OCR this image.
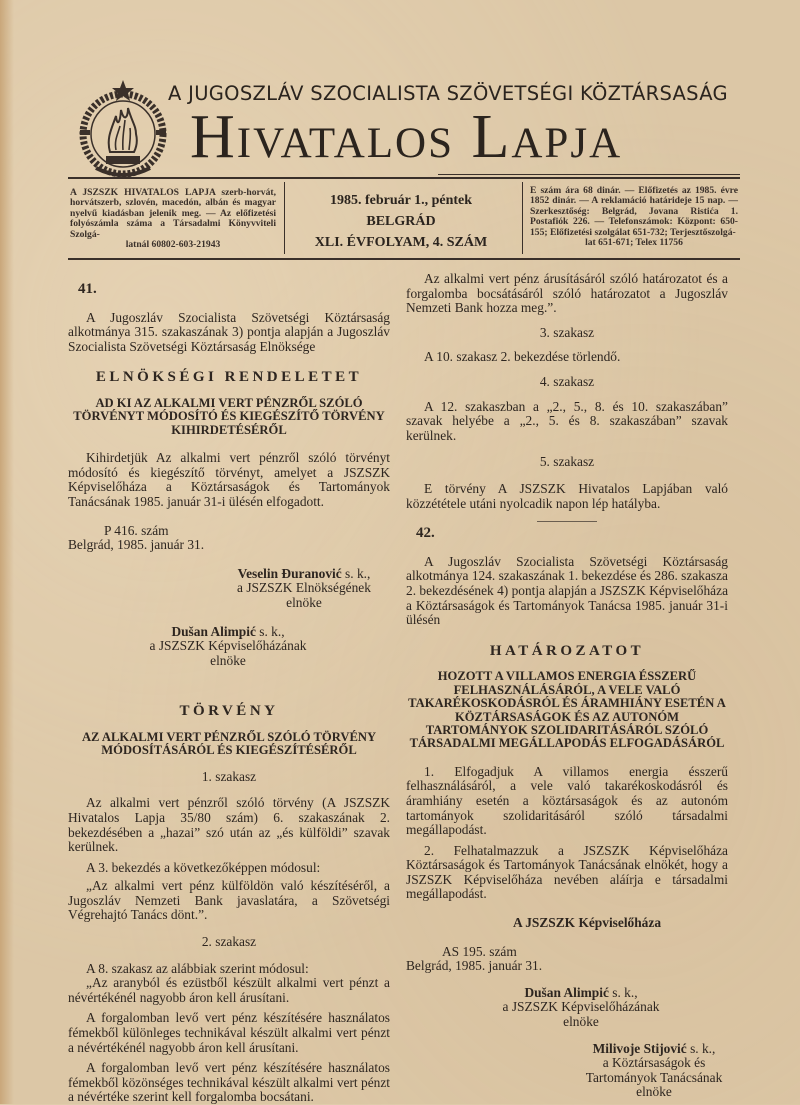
A JUGOSZLÁV SZOCIALISTA SZÖVETSÉGI KÖZTÁRSASÁG
Hivatalos Lapja
A JSZSZK HIVATALOS LAPJA szerb-horvát, horvátszerb, szlovén, macedón, albán és magyar nyelvű kiadásban jelenik meg. — Az előfizetési folyószámla száma a Társadalmi Könyvviteli Szolgá-
latnál 60802-603-21943
1985. február 1., péntek
BELGRÁD
XLI. ÉVFOLYAM, 4. SZÁM
E szám ára 68 dinár. — Előfizetés az 1985. évre 1852 dinár. — A reklamáció határideje 15 nap. — Szerkesztőség: Belgrád, Jovana Ristića 1. Postafiók 226. — Telefonszámok: Központ: 650-155; Előfizetési szolgálat 651-732; Terjesztőszolgá-
lat 651-671; Telex 11756
41.

A Jugoszláv Szocialista Szövetségi Köztársaság alkotmánya 315. szakaszának 3) pontja alapján a Jugoszláv Szocialista Szövetségi Köztársaság Elnöksége

ELNÖKSÉGI RENDELETET
AD KI AZ ALKALMI VERT PÉNZRŐL SZÓLÓ TÖRVÉNYT MÓDOSÍTÓ ÉS KIEGÉSZÍTŐ TÖRVÉNY KIHIRDETÉSÉRŐL

Kihirdetjük Az alkalmi vert pénzről szóló törvényt módosító és kiegészítő törvényt, amelyet a JSZSZK Képviselőháza a Köztársaságok és Tartományok Tanácsának 1985. január 31-i ülésén elfogadott.

P 416. szám
Belgrád, 1985. január 31.
Veselin Đuranović s. k.,
a JSZSZK Elnökségének
elnöke
Dušan Alimpić s. k.,
a JSZSZK Képviselőházának
elnöke
TÖRVÉNY
AZ ALKALMI VERT PÉNZRŐL SZÓLÓ TÖRVÉNY MÓDOSÍTÁSÁRÓL ÉS KIEGÉSZÍTÉSÉRŐL
1. szakasz

Az alkalmi vert pénzről szóló törvény (A JSZSZK Hivatalos Lapja 35/80 szám) 6. szakaszának 2. bekezdésében a „hazai” szó után az „és külföldi” szavak kerülnek.

A 3. bekezdés a következőképpen módosul:

„Az alkalmi vert pénz külföldön való készítéséről, a Jugoszláv Nemzeti Bank javaslatára, a Szövetségi Végrehajtó Tanács dönt.”.

2. szakasz

A 8. szakasz az alábbiak szerint módosul:

„Az aranyból és ezüstből készült alkalmi vert pénzt a névértékénél nagyobb áron kell árusítani.

A forgalomban levő vert pénz készítésére használatos fémekből különleges technikával készült alkalmi vert pénzt a névértékénél nagyobb áron kell árusítani.

A forgalomban levő vert pénz készítésére használatos fémekből közönséges technikával készült alkalmi vert pénzt a névértéke szerint kell forgalomba bocsátani.

Az alkalmi vert pénz árusításáról szóló határozatot és a forgalomba bocsátásáról szóló határozatot a Jugoszláv Nemzeti Bank hozza meg.”.

3. szakasz

A 10. szakasz 2. bekezdése törlendő.

4. szakasz

A 12. szakaszban a „2., 5., 8. és 10. szakaszában” szavak helyébe a „2., 5. és 8. szakaszában” szavak kerülnek.

5. szakasz

E törvény A JSZSZK Hivatalos Lapjában való közzététele utáni nyolcadik napon lép hatályba.

42.

A Jugoszláv Szocialista Szövetségi Köztársaság alkotmánya 124. szakaszának 1. bekezdése és 286. szakasza 2. bekezdésének 4) pontja alapján a JSZSZK Képviselőháza a Köztársaságok és Tartományok Tanácsa 1985. január 31-i ülésén

HATÁROZATOT
HOZOTT A VILLAMOS ENERGIA ÉSSZERŰ FELHASZNÁLÁSÁRÓL, A VELE VALÓ TAKARÉKOSKODÁSRÓL ÉS ÁRAMHIÁNY ESETÉN A KÖZTÁRSASÁGOK ÉS AZ AUTONÓM TARTOMÁNYOK SZOLIDARITÁSÁRÓL SZÓLÓ TÁRSADALMI MEGÁLLAPODÁS ELFOGADÁSÁRÓL

1. Elfogadjuk A villamos energia ésszerű felhasználásáról, a vele való takarékoskodásról és áramhiány esetén a köztársaságok és az autonóm tartományok szolidaritásáról szóló társadalmi megállapodást.

2. Felhatalmazzuk a JSZSZK Képviselőháza Köztársaságok és Tartományok Tanácsának elnökét, hogy a JSZSZK Képviselőháza nevében aláírja e társadalmi megállapodást.

A JSZSZK Képviselőháza
AS 195. szám
Belgrád, 1985. január 31.
Dušan Alimpić s. k.,
a JSZSZK Képviselőházának
elnöke
Milivoje Stijović s. k.,
a Köztársaságok és
Tartományok Tanácsának
elnöke
